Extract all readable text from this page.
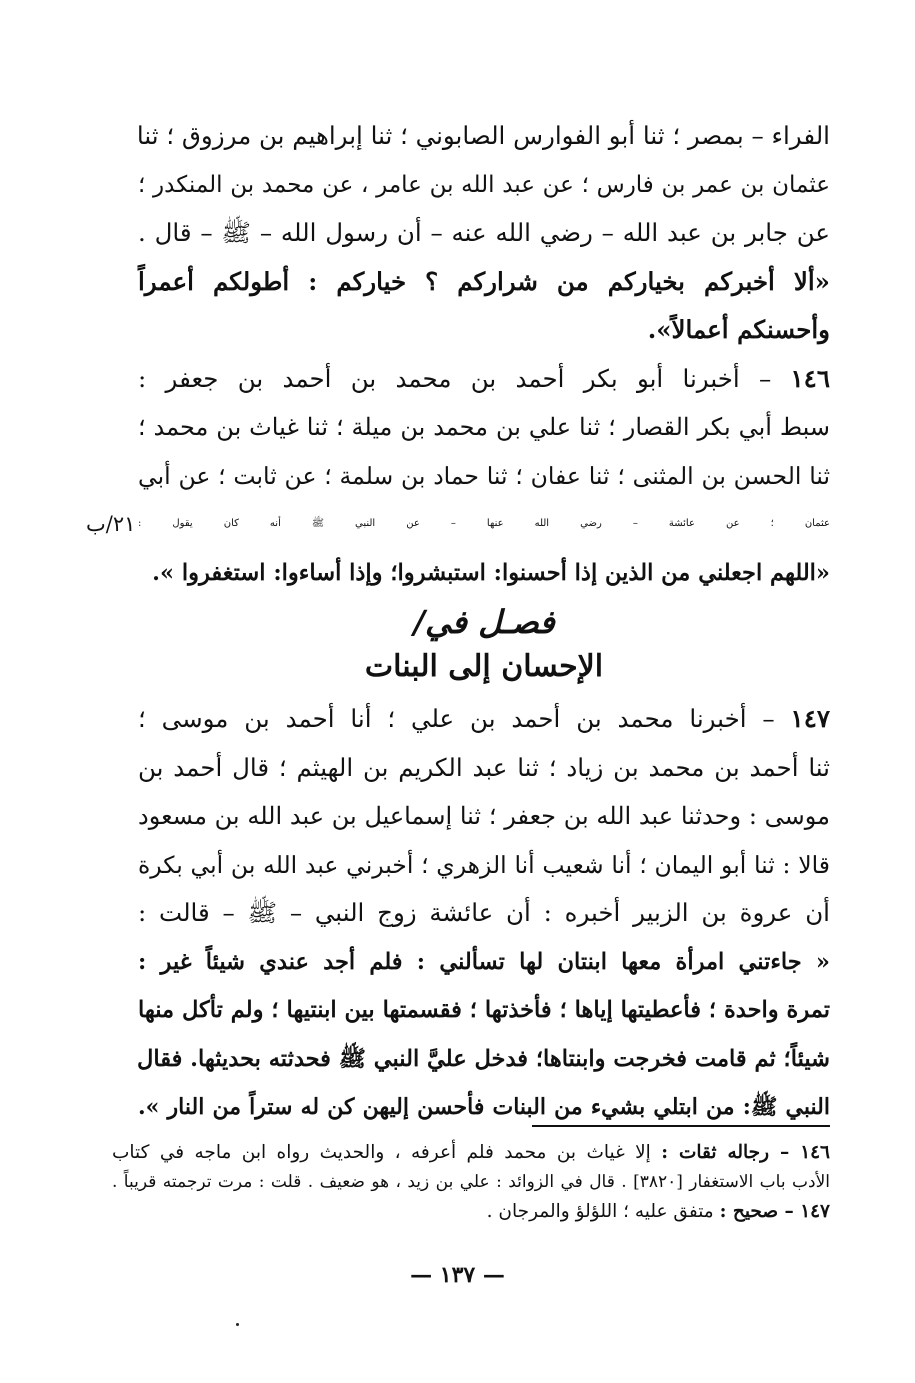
الفراء – بمصر ؛ ثنا أبو الفوارس الصابوني ؛ ثنا إبراهيم بن مرزوق ؛ ثنا
عثمان بن عمر بن فارس ؛ عن عبد الله بن عامر ، عن محمد بن المنكدر ؛
عن جابر بن عبد الله – رضي الله عنه – أن رسول الله – ﷺ – قال .
«ألا أخبركم بخياركم من شراركم ؟ خياركم : أطولكم أعمراً
وأحسنكم أعمالاً».
١٤٦ – أخبرنا أبو بكر أحمد بن محمد بن أحمد بن جعفر :
سبط أبي بكر القصار ؛ ثنا علي بن محمد بن ميلة ؛ ثنا غياث بن محمد ؛
ثنا الحسن بن المثنى ؛ ثنا عفان ؛ ثنا حماد بن سلمة ؛ عن ثابت ؛ عن أبي
عثمان ؛ عن عائشة – رضي الله عنها – عن النبي ﷺ أنه كان يقول :
٢١/ب
«اللهم اجعلني من الذين إذا أحسنوا: استبشروا؛ وإذا أساءوا: استغفروا ».
فصـل في/
الإحسان إلى البنات
١٤٧ – أخبرنا محمد بن أحمد بن علي ؛ أنا أحمد بن موسى ؛
ثنا أحمد بن محمد بن زياد ؛ ثنا عبد الكريم بن الهيثم ؛ قال أحمد بن
موسى : وحدثنا عبد الله بن جعفر ؛ ثنا إسماعيل بن عبد الله بن مسعود
قالا : ثنا أبو اليمان ؛ أنا شعيب أنا الزهري ؛ أخبرني عبد الله بن أبي بكرة
أن عروة بن الزبير أخبره : أن عائشة زوج النبي – ﷺ – قالت :
« جاءتني امرأة معها ابنتان لها تسألني : فلم أجد عندي شيئاً غير :
تمرة واحدة ؛ فأعطيتها إياها ؛ فأخذتها ؛ فقسمتها بين ابنتيها ؛ ولم تأكل منها
شيئاً؛ ثم قامت فخرجت وابنتاها؛ فدخل عليَّ النبي ﷺ فحدثته بحديثها. فقال
النبي ﷺ: من ابتلي بشيء من البنات فأحسن إليهن كن له ستراً من النار ».
١٤٦ – رجاله ثقات : إلا غياث بن محمد فلم أعرفه ، والحديث رواه ابن ماجه في كتاب
الأدب باب الاستغفار [٣٨٢٠] . قال في الزوائد : علي بن زيد ، هو ضعيف . قلت : مرت ترجمته قريباً .
١٤٧ – صحيح : متفق عليه ؛ اللؤلؤ والمرجان .
— ١٣٧ —
